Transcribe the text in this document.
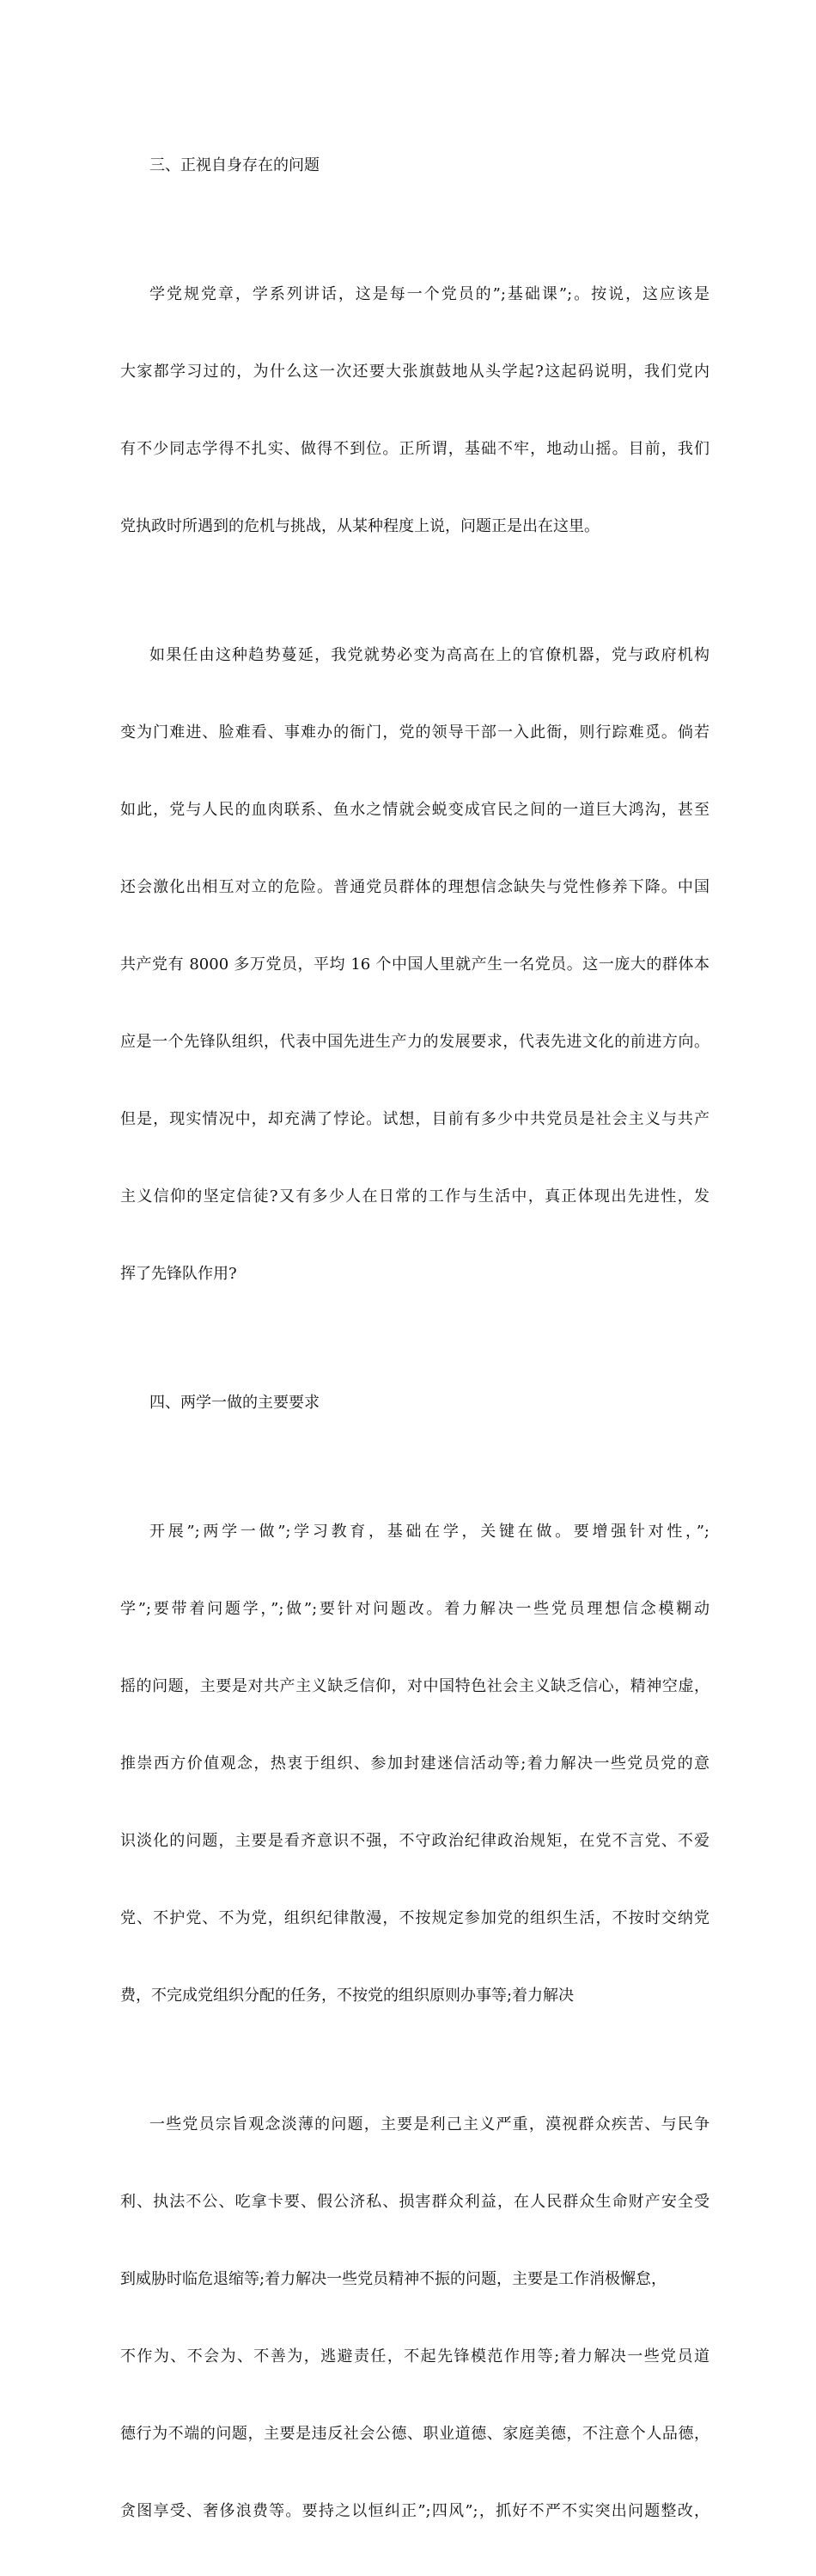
三、正视自身存在的问题

学党规党章，学系列讲话，这是每一个党员的”;基础课”;。按说，这应该是

大家都学习过的，为什么这一次还要大张旗鼓地从头学起?这起码说明，我们党内

有不少同志学得不扎实、做得不到位。正所谓，基础不牢，地动山摇。目前，我们

党执政时所遇到的危机与挑战，从某种程度上说，问题正是出在这里。

如果任由这种趋势蔓延，我党就势必变为高高在上的官僚机器，党与政府机构

变为门难进、脸难看、事难办的衙门，党的领导干部一入此衙，则行踪难觅。倘若

如此，党与人民的血肉联系、鱼水之情就会蜕变成官民之间的一道巨大鸿沟，甚至

还会激化出相互对立的危险。普通党员群体的理想信念缺失与党性修养下降。中国

共产党有 8000 多万党员，平均 16 个中国人里就产生一名党员。这一庞大的群体本

应是一个先锋队组织，代表中国先进生产力的发展要求，代表先进文化的前进方向。

但是，现实情况中，却充满了悖论。试想，目前有多少中共党员是社会主义与共产

主义信仰的坚定信徒?又有多少人在日常的工作与生活中，真正体现出先进性，发

挥了先锋队作用?

四、两学一做的主要要求

开展”;两学一做”;学习教育，基础在学，关键在做。要增强针对性，”;

学”;要带着问题学，”;做”;要针对问题改。着力解决一些党员理想信念模糊动

摇的问题，主要是对共产主义缺乏信仰，对中国特色社会主义缺乏信心，精神空虚，

推崇西方价值观念，热衷于组织、参加封建迷信活动等;着力解决一些党员党的意

识淡化的问题，主要是看齐意识不强，不守政治纪律政治规矩，在党不言党、不爱

党、不护党、不为党，组织纪律散漫，不按规定参加党的组织生活，不按时交纳党

费，不完成党组织分配的任务，不按党的组织原则办事等;着力解决

一些党员宗旨观念淡薄的问题，主要是利己主义严重，漠视群众疾苦、与民争

利、执法不公、吃拿卡要、假公济私、损害群众利益，在人民群众生命财产安全受

到威胁时临危退缩等;着力解决一些党员精神不振的问题，主要是工作消极懈怠，

不作为、不会为、不善为，逃避责任，不起先锋模范作用等;着力解决一些党员道

德行为不端的问题，主要是违反社会公德、职业道德、家庭美德，不注意个人品德，

贪图享受、奢侈浪费等。要持之以恒纠正”;四风”;，抓好不严不实突出问题整改，
